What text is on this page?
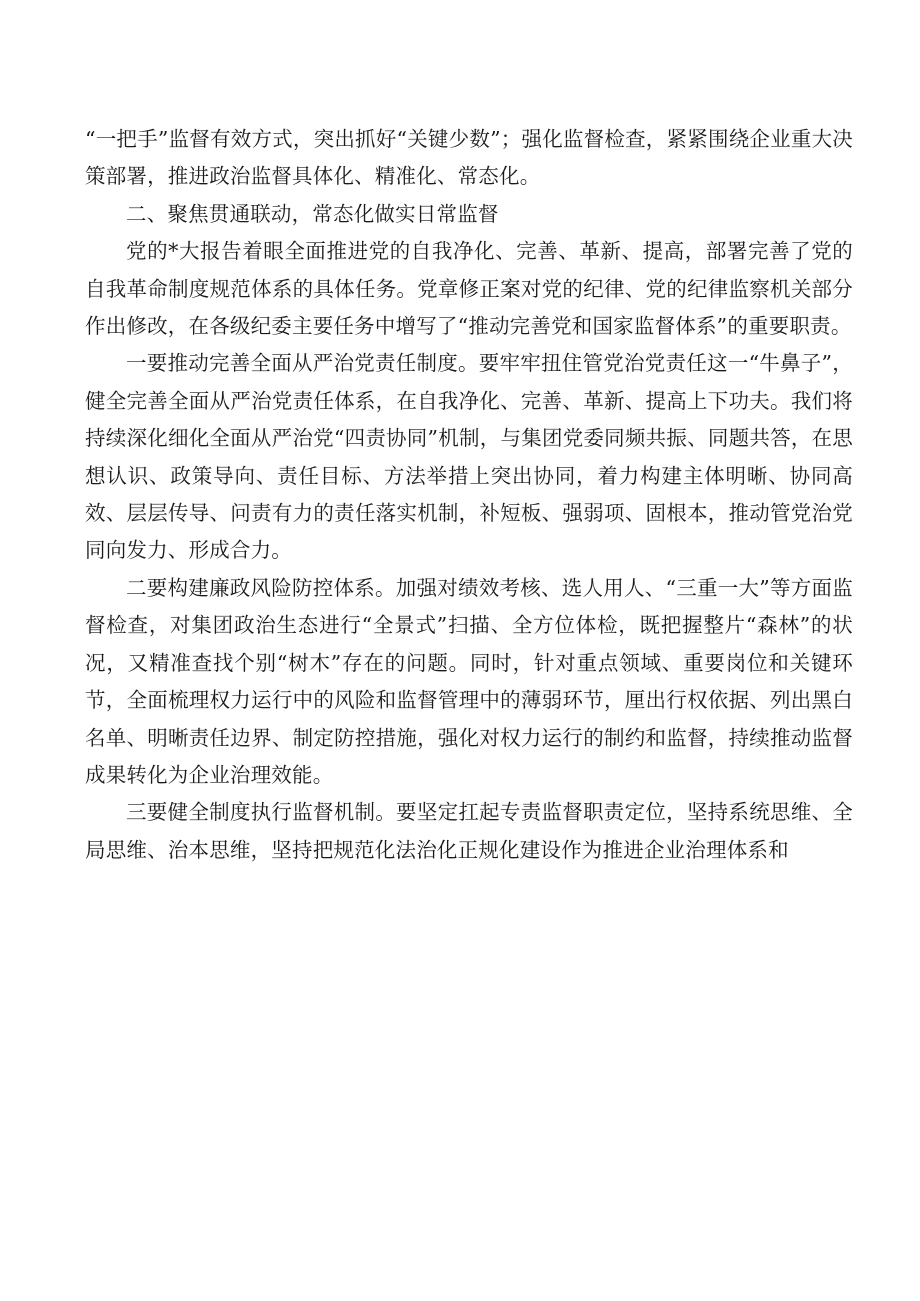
“一把手”监督有效方式，突出抓好“关键少数”；强化监督检查，紧紧围绕企业重大决策部署，推进政治监督具体化、精准化、常态化。

二、聚焦贯通联动，常态化做实日常监督

党的*大报告着眼全面推进党的自我净化、完善、革新、提高，部署完善了党的自我革命制度规范体系的具体任务。党章修正案对党的纪律、党的纪律监察机关部分作出修改，在各级纪委主要任务中增写了“推动完善党和国家监督体系”的重要职责。

一要推动完善全面从严治党责任制度。要牢牢扭住管党治党责任这一“牛鼻子”，健全完善全面从严治党责任体系，在自我净化、完善、革新、提高上下功夫。我们将持续深化细化全面从严治党“四责协同”机制，与集团党委同频共振、同题共答，在思想认识、政策导向、责任目标、方法举措上突出协同，着力构建主体明晰、协同高效、层层传导、问责有力的责任落实机制，补短板、强弱项、固根本，推动管党治党同向发力、形成合力。

二要构建廉政风险防控体系。加强对绩效考核、选人用人、“三重一大”等方面监督检查，对集团政治生态进行“全景式”扫描、全方位体检，既把握整片“森林”的状况，又精准查找个别“树木”存在的问题。同时，针对重点领域、重要岗位和关键环节，全面梳理权力运行中的风险和监督管理中的薄弱环节，厘出行权依据、列出黑白名单、明晰责任边界、制定防控措施，强化对权力运行的制约和监督，持续推动监督成果转化为企业治理效能。

三要健全制度执行监督机制。要坚定扛起专责监督职责定位，坚持系统思维、全局思维、治本思维，坚持把规范化法治化正规化建设作为推进企业治理体系和
